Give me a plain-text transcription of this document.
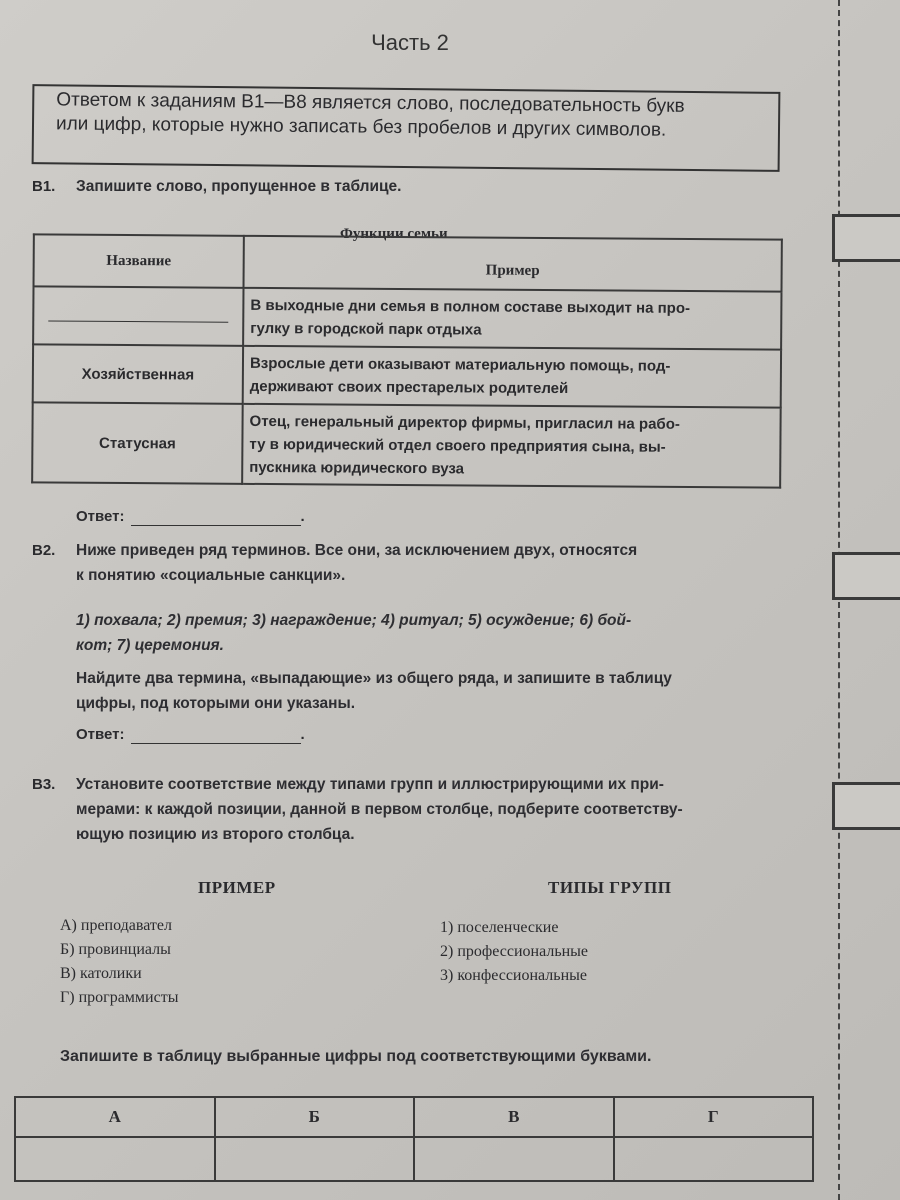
Часть 2
Ответом к заданиям B1—B8 является слово, последовательность букв
или цифр, которые нужно записать без пробелов и других символов.
B1. Запишите слово, пропущенное в таблице.
Функции семьи
Название	Пример

	В выходные дни семья в полном составе выходит на про-
гулку в городской парк отдыха

Хозяйственная	Взрослые дети оказывают материальную помощь, под-
держивают своих престарелых родителей

Статусная	Отец, генеральный директор фирмы, пригласил на рабо-
ту в юридический отдел своего предприятия сына, вы-
пускника юридического вуза
Ответ:	.
B2. Ниже приведен ряд терминов. Все они, за исключением двух, относятся
к понятию «социальные санкции».
1) похвала; 2) премия; 3) награждение; 4) ритуал; 5) осуждение; 6) бой-
кот; 7) церемония.
Найдите два термина, «выпадающие» из общего ряда, и запишите в таблицу
цифры, под которыми они указаны.
Ответ:	.
B3. Установите соответствие между типами групп и иллюстрирующими их при-
мерами: к каждой позиции, данной в первом столбце, подберите соответству-
ющую позицию из второго столбца.
ПРИМЕР	ТИПЫ ГРУПП
А) преподавател
Б) провинциалы
В) католики
Г) программисты
1) поселенческие
2) профессиональные
3) конфессиональные
Запишите в таблицу выбранные цифры под соответствующими буквами.
А	Б	В	Г
